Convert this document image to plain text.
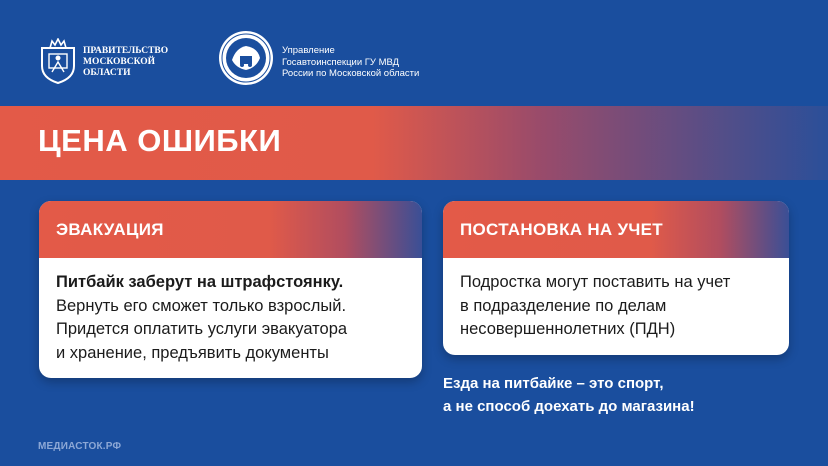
ПРАВИТЕЛЬСТВО
МОСКОВСКОЙ
ОБЛАСТИ
Управление
Госавтоинспекции ГУ МВД
России по Московской области
ЦЕНА ОШИБКИ
ЭВАКУАЦИЯ
Питбайк заберут на штрафстоянку.
Вернуть его сможет только взрослый.
Придется оплатить услуги эвакуатора
и хранение, предъявить документы
ПОСТАНОВКА НА УЧЕТ
Подростка могут поставить на учет
в подразделение по делам
несовершеннолетних (ПДН)
Езда на питбайке – это спорт,
а не способ доехать до магазина!
МЕДИАСТОК.РФ
